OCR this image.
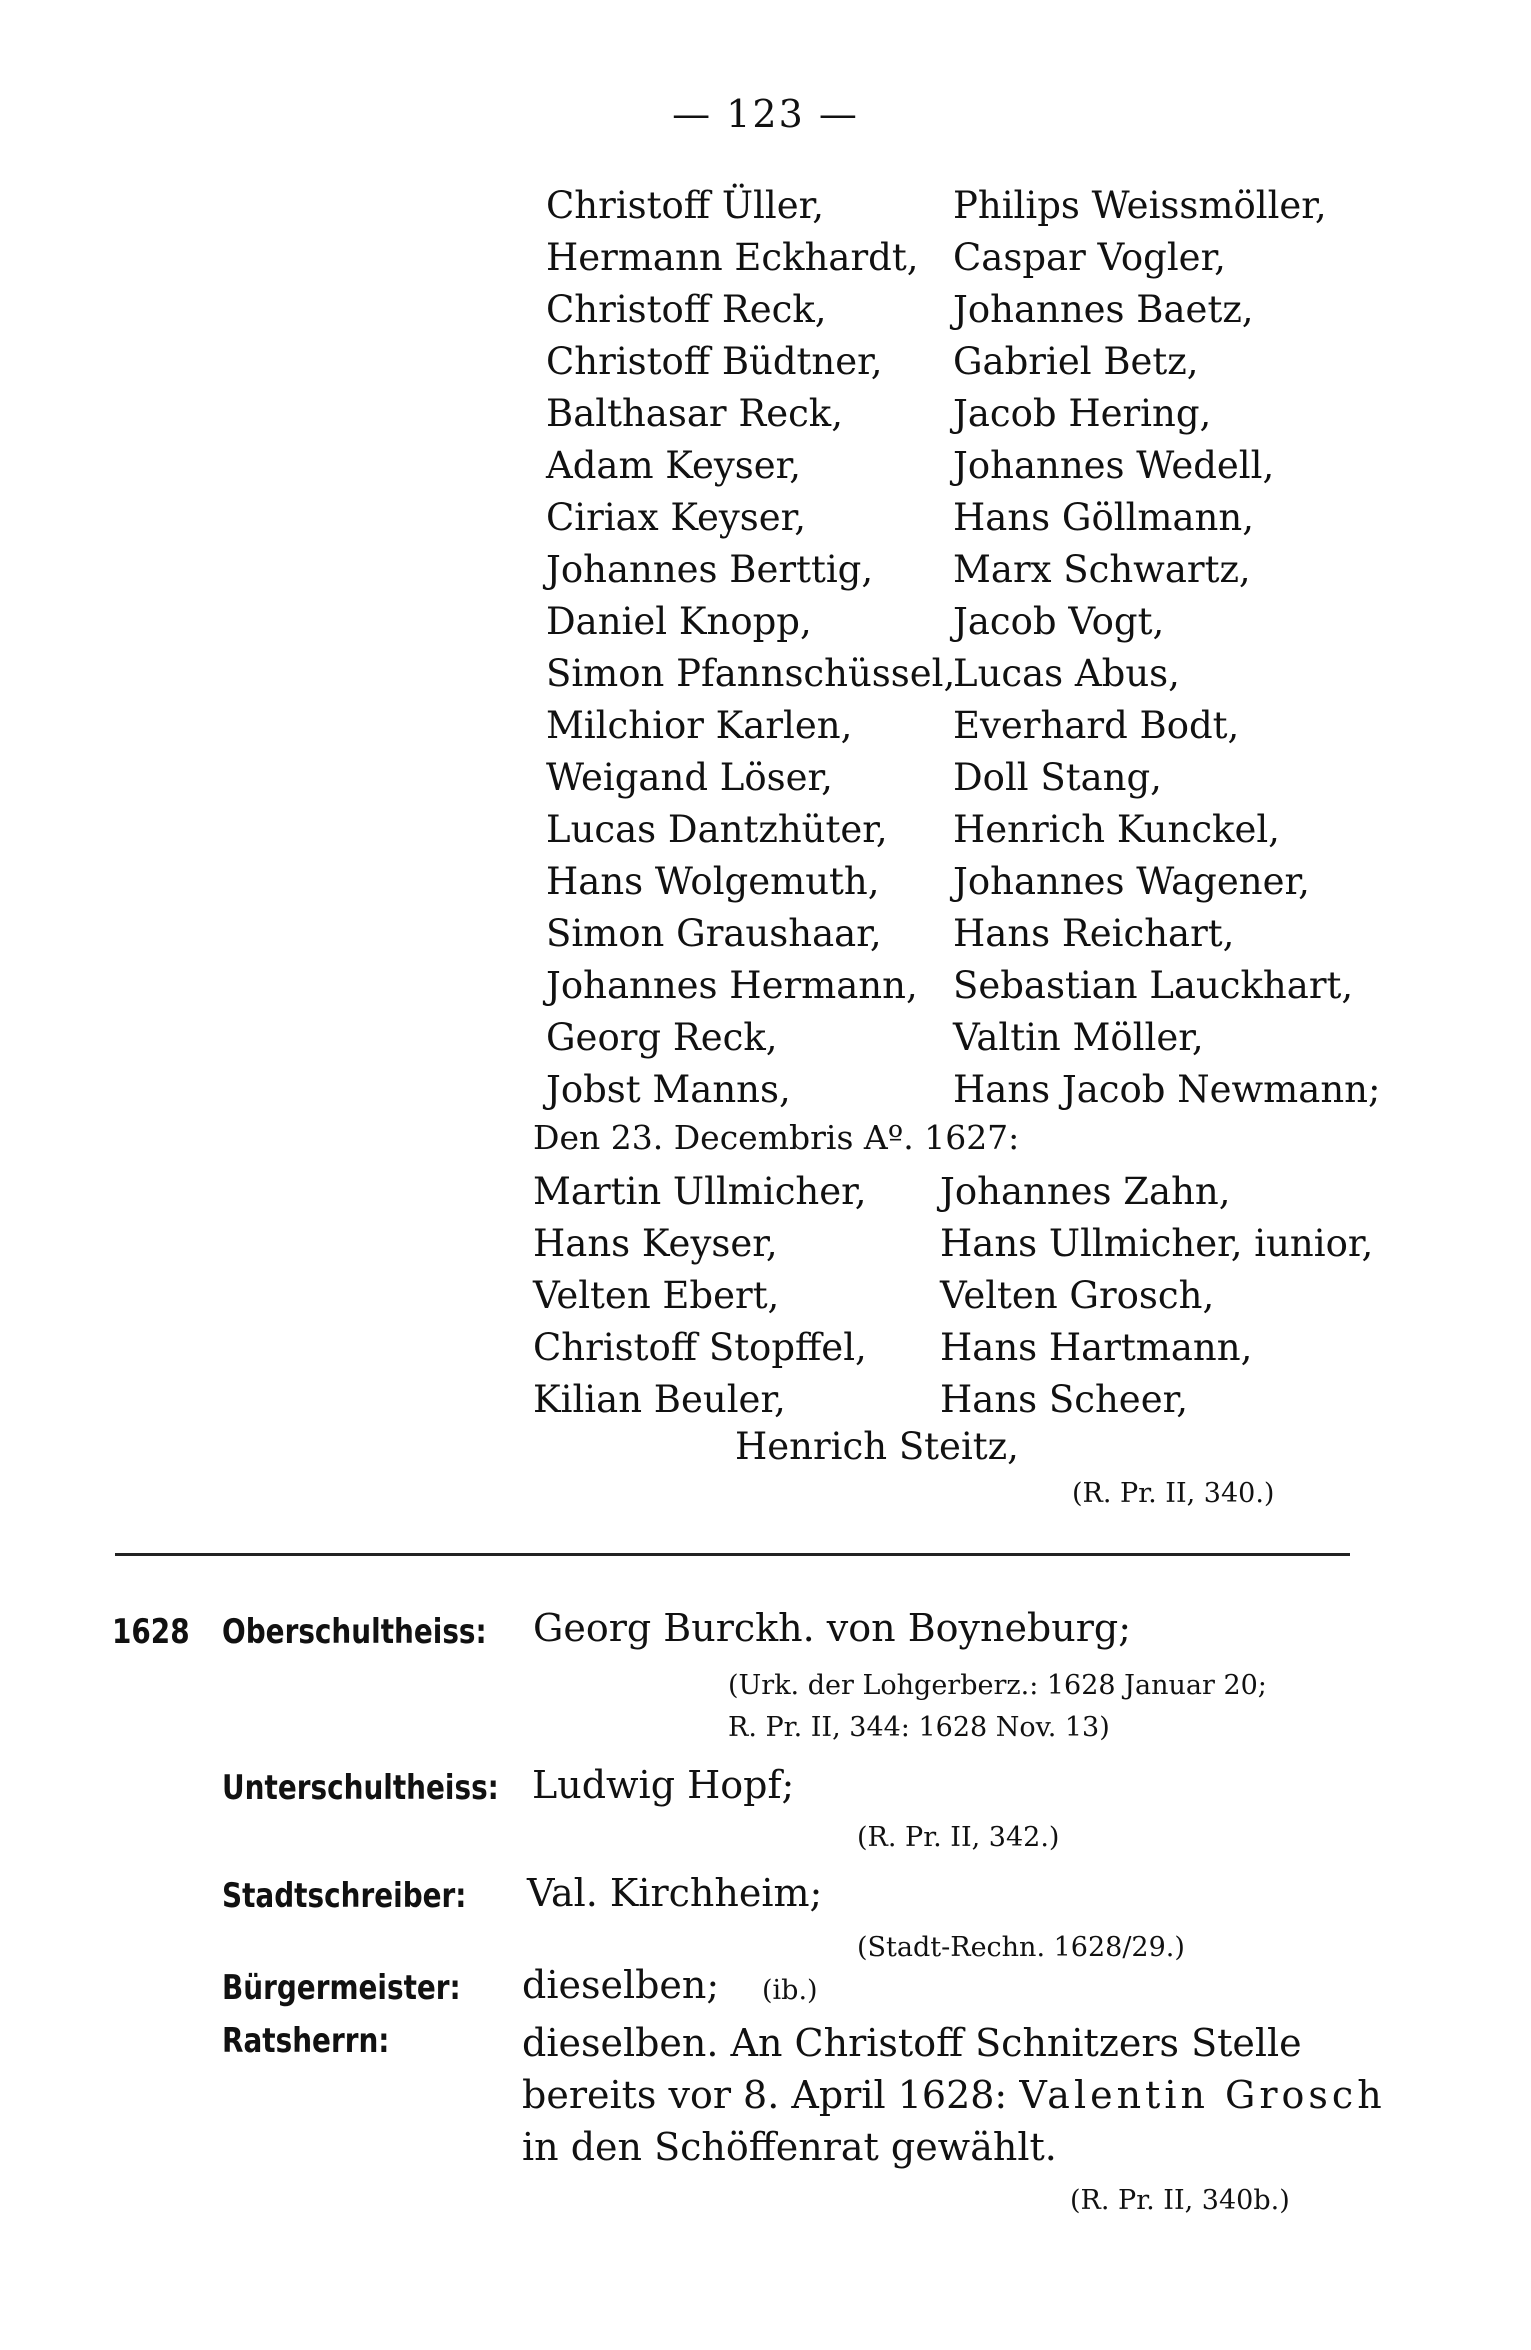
— 123 —
Christoff Üller,
Hermann Eckhardt,
Christoff Reck,
Christoff Büdtner,
Balthasar Reck,
Adam Keyser,
Ciriax Keyser,
Johannes Berttig,
Daniel Knopp,
Simon Pfannschüssel,
Milchior Karlen,
Weigand Löser,
Lucas Dantzhüter,
Hans Wolgemuth,
Simon Graushaar,
Johannes Hermann,
Georg Reck,
Jobst Manns,
Philips Weissmöller,
Caspar Vogler,
Johannes Baetz,
Gabriel Betz,
Jacob Hering,
Johannes Wedell,
Hans Göllmann,
Marx Schwartz,
Jacob Vogt,
Lucas Abus,
Everhard Bodt,
Doll Stang,
Henrich Kunckel,
Johannes Wagener,
Hans Reichart,
Sebastian Lauckhart,
Valtin Möller,
Hans Jacob Newmann;
Den 23. Decembris Aº. 1627:
Martin Ullmicher,
Hans Keyser,
Velten Ebert,
Christoff Stopffel,
Kilian Beuler,
Johannes Zahn,
Hans Ullmicher, iunior,
Velten Grosch,
Hans Hartmann,
Hans Scheer,
Henrich Steitz,
(R. Pr. II, 340.)
1628 Oberschultheiss: Georg Burckh. von Boyneburg;
(Urk. der Lohgerberz.: 1628 Januar 20;
R. Pr. II, 344: 1628 Nov. 13)
Unterschultheiss: Ludwig Hopf;
(R. Pr. II, 342.)
Stadtschreiber: Val. Kirchheim;
(Stadt-Rechn. 1628/29.)
Bürgermeister: dieselben; (ib.)
Ratsherrn:	dieselben. An Christoff Schnitzers Stelle
bereits vor 8. April 1628: Valentin Grosch
in den Schöffenrat gewählt.
(R. Pr. II, 340b.)
